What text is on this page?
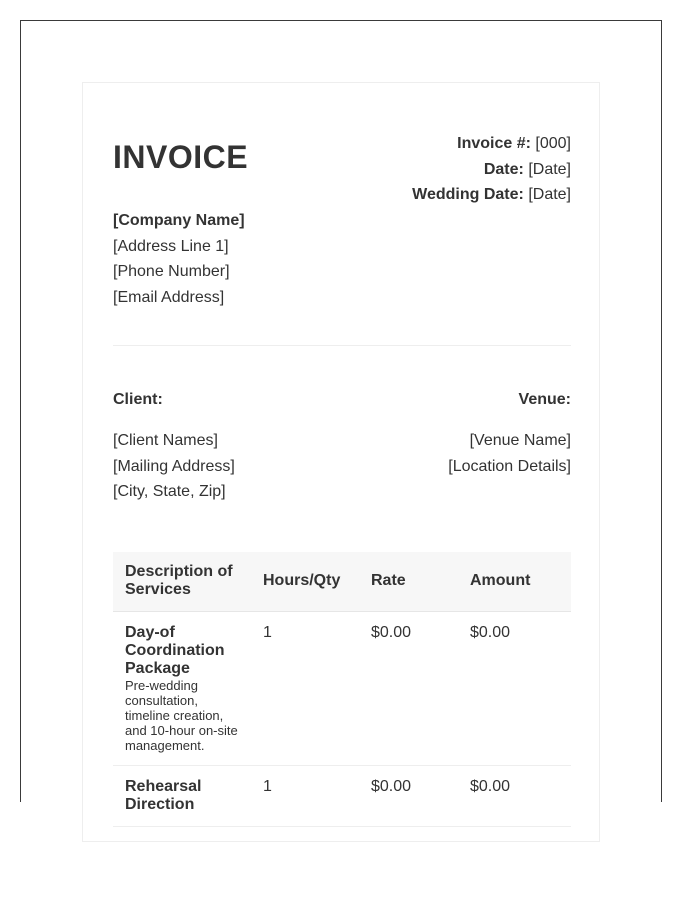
INVOICE	Invoice #: [000]
Date: [Date]
Wedding Date: [Date]
[Company Name]
[Address Line 1]
[Phone Number]
[Email Address]
Client:
[Client Names]
[Mailing Address]
[City, State, Zip]
Venue:
[Venue Name]
[Location Details]
Description of Services	Hours/Qty	Rate	Amount

Day-of Coordination Package
Pre-wedding consultation, timeline creation, and 10-hour on-site management.	1	$0.00	$0.00

Rehearsal Direction	1	$0.00	$0.00
